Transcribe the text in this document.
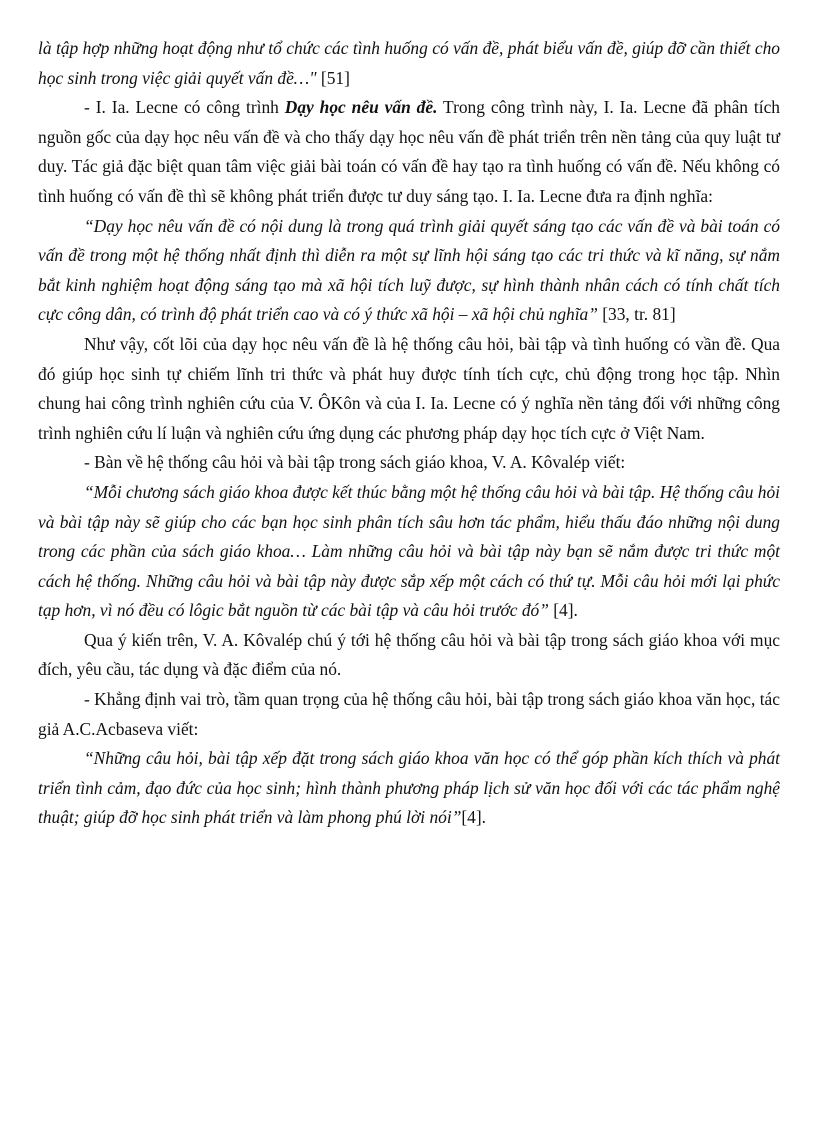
là tập hợp những hoạt động như tổ chức các tình huống có vấn đề, phát biểu vấn đề, giúp đỡ cần thiết cho học sinh trong việc giải quyết vấn đề…" [51]

- I. Ia. Lecne có công trình Dạy học nêu vấn đề. Trong công trình này, I. Ia. Lecne đã phân tích nguồn gốc của dạy học nêu vấn đề và cho thấy dạy học nêu vấn đề phát triển trên nền tảng của quy luật tư duy. Tác giả đặc biệt quan tâm việc giải bài toán có vấn đề hay tạo ra tình huống có vấn đề. Nếu không có tình huống có vấn đề thì sẽ không phát triển được tư duy sáng tạo. I. Ia. Lecne đưa ra định nghĩa:

“Dạy học nêu vấn đề có nội dung là trong quá trình giải quyết sáng tạo các vấn đề và bài toán có vấn đề trong một hệ thống nhất định thì diễn ra một sự lĩnh hội sáng tạo các tri thức và kĩ năng, sự nắm bắt kinh nghiệm hoạt động sáng tạo mà xã hội tích luỹ được, sự hình thành nhân cách có tính chất tích cực công dân, có trình độ phát triển cao và có ý thức xã hội – xã hội chủ nghĩa” [33, tr. 81]

Như vậy, cốt lõi của dạy học nêu vấn đề là hệ thống câu hỏi, bài tập và tình huống có vần đề. Qua đó giúp học sinh tự chiếm lĩnh tri thức và phát huy được tính tích cực, chủ động trong học tập. Nhìn chung hai công trình nghiên cứu của V. ÔKôn và của I. Ia. Lecne có ý nghĩa nền tảng đối với những công trình nghiên cứu lí luận và nghiên cứu ứng dụng các phương pháp dạy học tích cực ở Việt Nam.

- Bàn về hệ thống câu hỏi và bài tập trong sách giáo khoa, V. A. Kôvalép viết:

“Mỗi chương sách giáo khoa được kết thúc bằng một hệ thống câu hỏi và bài tập. Hệ thống câu hỏi và bài tập này sẽ giúp cho các bạn học sinh phân tích sâu hơn tác phẩm, hiểu thấu đáo những nội dung trong các phần của sách giáo khoa… Làm những câu hỏi và bài tập này bạn sẽ nắm được tri thức một cách hệ thống. Những câu hỏi và bài tập này được sắp xếp một cách có thứ tự. Mỗi câu hỏi mới lại phức tạp hơn, vì nó đều có lôgic bắt nguồn từ các bài tập và câu hỏi trước đó” [4].

Qua ý kiến trên, V. A. Kôvalép chú ý tới hệ thống câu hỏi và bài tập trong sách giáo khoa với mục đích, yêu cầu, tác dụng và đặc điểm của nó.

- Khẳng định vai trò, tầm quan trọng của hệ thống câu hỏi, bài tập trong sách giáo khoa văn học, tác giả A.C.Acbaseva viết:

“Những câu hỏi, bài tập xếp đặt trong sách giáo khoa văn học có thể góp phần kích thích và phát triển tình cảm, đạo đức của học sinh; hình thành phương pháp lịch sử văn học đối với các tác phẩm nghệ thuật; giúp đỡ học sinh phát triển và làm phong phú lời nói”[4].
